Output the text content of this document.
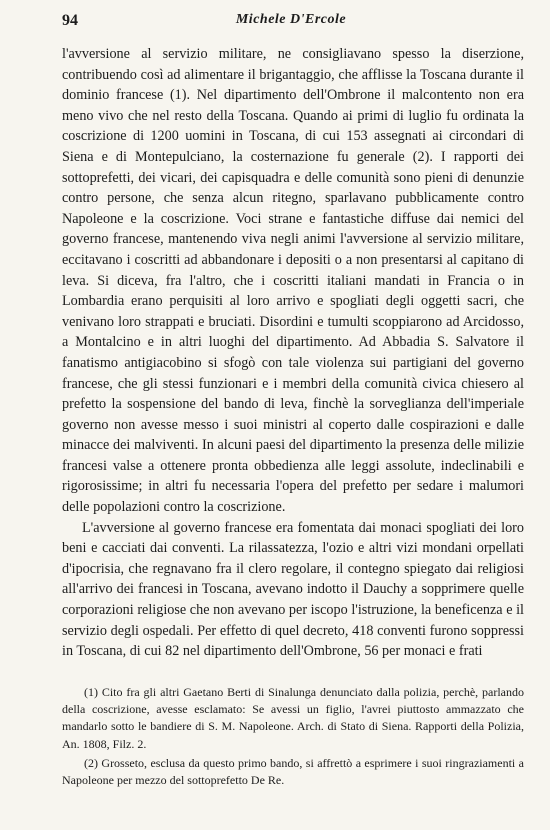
94	Michele D'Ercole

l'avversione al servizio militare, ne consigliavano spesso la diserzione, contribuendo così ad alimentare il brigantaggio, che afflisse la Toscana durante il dominio francese (1). Nel dipartimento dell'Ombrone il malcontento non era meno vivo che nel resto della Toscana. Quando ai primi di luglio fu ordinata la coscrizione di 1200 uomini in Toscana, di cui 153 assegnati ai circondari di Siena e di Montepulciano, la costernazione fu generale (2). I rapporti dei sottoprefetti, dei vicari, dei capisquadra e delle comunità sono pieni di denunzie contro persone, che senza alcun ritegno, sparlavano pubblicamente contro Napoleone e la coscrizione. Voci strane e fantastiche diffuse dai nemici del governo francese, mantenendo viva negli animi l'avversione al servizio militare, eccitavano i coscritti ad abbandonare i depositi o a non presentarsi al capitano di leva. Si diceva, fra l'altro, che i coscritti italiani mandati in Francia o in Lombardia erano perquisiti al loro arrivo e spogliati degli oggetti sacri, che venivano loro strappati e bruciati. Disordini e tumulti scoppiarono ad Arcidosso, a Montalcino e in altri luoghi del dipartimento. Ad Abbadia S. Salvatore il fanatismo antigiacobino si sfogò con tale violenza sui partigiani del governo francese, che gli stessi funzionari e i membri della comunità civica chiesero al prefetto la sospensione del bando di leva, finchè la sorveglianza dell'imperiale governo non avesse messo i suoi ministri al coperto dalle cospirazioni e dalle minacce dei malviventi. In alcuni paesi del dipartimento la presenza delle milizie francesi valse a ottenere pronta obbedienza alle leggi assolute, indeclinabili e rigorosissime; in altri fu necessaria l'opera del prefetto per sedare i malumori delle popolazioni contro la coscrizione.

L'avversione al governo francese era fomentata dai monaci spogliati dei loro beni e cacciati dai conventi. La rilassatezza, l'ozio e altri vizi mondani orpellati d'ipocrisia, che regnavano fra il clero regolare, il contegno spiegato dai religiosi all'arrivo dei francesi in Toscana, avevano indotto il Dauchy a sopprimere quelle corporazioni religiose che non avevano per iscopo l'istruzione, la beneficenza e il servizio degli ospedali. Per effetto di quel decreto, 418 conventi furono soppressi in Toscana, di cui 82 nel dipartimento dell'Ombrone, 56 per monaci e frati

(1) Cito fra gli altri Gaetano Berti di Sinalunga denunciato dalla polizia, perchè, parlando della coscrizione, avesse esclamato: Se avessi un figlio, l'avrei piuttosto ammazzato che mandarlo sotto le bandiere di S. M. Napoleone. Arch. di Stato di Siena. Rapporti della Polizia, An. 1808, Filz. 2.

(2) Grosseto, esclusa da questo primo bando, si affrettò a esprimere i suoi ringraziamenti a Napoleone per mezzo del sottoprefetto De Re.
